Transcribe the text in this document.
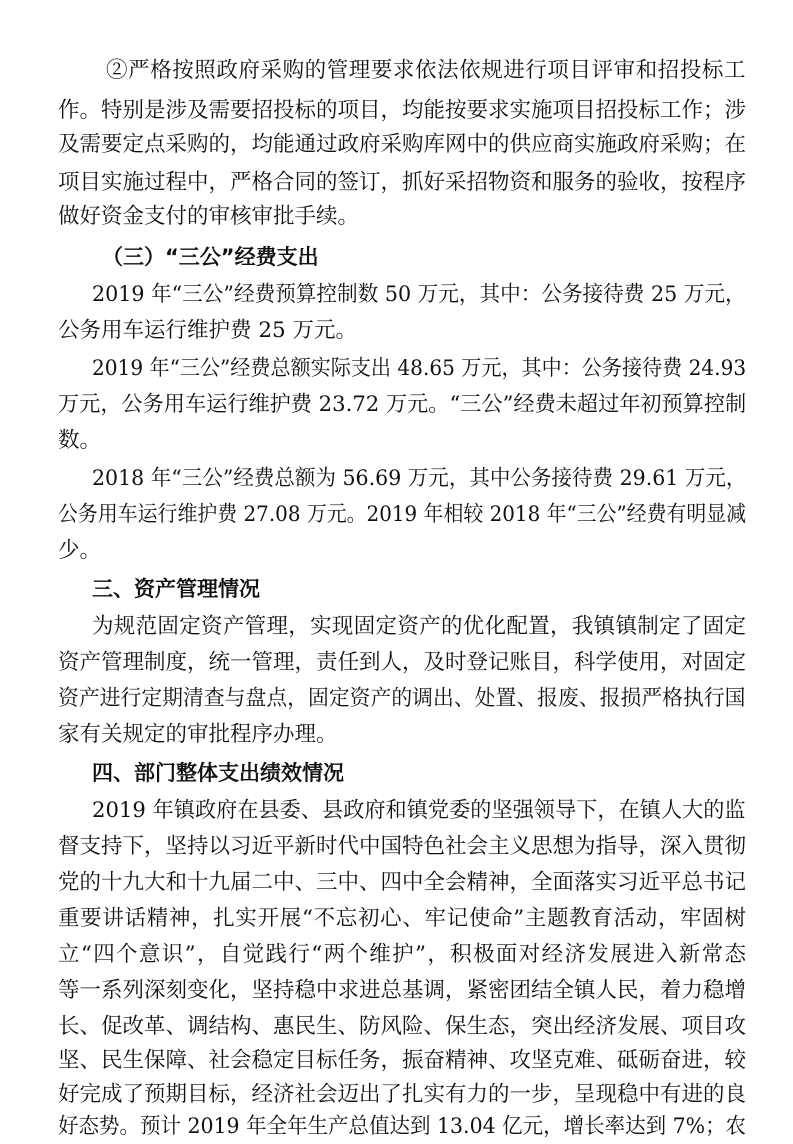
②严格按照政府采购的管理要求依法依规进行项目评审和招投标工
作。特别是涉及需要招投标的项目，均能按要求实施项目招投标工作；涉
及需要定点采购的，均能通过政府采购库网中的供应商实施政府采购；在
项目实施过程中，严格合同的签订，抓好采招物资和服务的验收，按程序
做好资金支付的审核审批手续。
（三）“三公”经费支出
2019 年“三公”经费预算控制数 50 万元，其中：公务接待费 25 万元，
公务用车运行维护费 25 万元。
2019 年“三公”经费总额实际支出 48.65 万元，其中：公务接待费 24.93
万元，公务用车运行维护费 23.72 万元。“三公”经费未超过年初预算控制
数。
2018 年“三公”经费总额为 56.69 万元，其中公务接待费 29.61 万元，
公务用车运行维护费 27.08 万元。2019 年相较 2018 年“三公”经费有明显减
少。
三、资产管理情况
为规范固定资产管理，实现固定资产的优化配置，我镇镇制定了固定
资产管理制度，统一管理，责任到人，及时登记账目，科学使用，对固定
资产进行定期清查与盘点，固定资产的调出、处置、报废、报损严格执行国
家有关规定的审批程序办理。
四、部门整体支出绩效情况
2019 年镇政府在县委、县政府和镇党委的坚强领导下，在镇人大的监
督支持下，坚持以习近平新时代中国特色社会主义思想为指导，深入贯彻
党的十九大和十九届二中、三中、四中全会精神，全面落实习近平总书记
重要讲话精神，扎实开展“不忘初心、牢记使命”主题教育活动，牢固树
立“四个意识”，自觉践行“两个维护”，积极面对经济发展进入新常态
等一系列深刻变化，坚持稳中求进总基调，紧密团结全镇人民，着力稳增
长、促改革、调结构、惠民生、防风险、保生态，突出经济发展、项目攻
坚、民生保障、社会稳定目标任务，振奋精神、攻坚克难、砥砺奋进，较
好完成了预期目标，经济社会迈出了扎实有力的一步，呈现稳中有进的良
好态势。预计 2019 年全年生产总值达到 13.04 亿元，增长率达到 7%；农
